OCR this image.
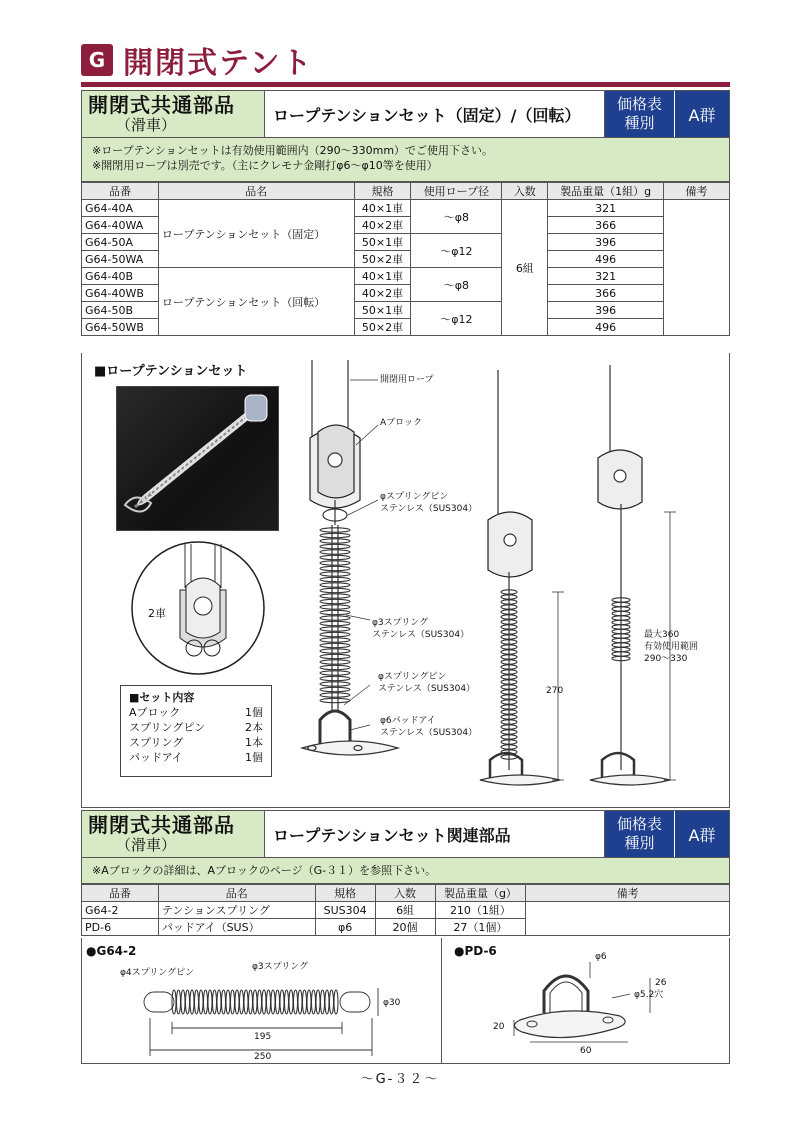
G 開閉式テント
開閉式共通部品
（滑車）
ロープテンションセット（固定）/（回転）
価格表
種別	A群
※ロープテンションセットは有効使用範囲内（290～330mm）でご使用下さい。
※開閉用ロープは別売です。（主にクレモナ金剛打φ6～φ10等を使用）
品番	品名	規格	使用ロープ径	入数	製品重量（1組）g	備考
G64-40A	ロープテンションセット（固定）	40×1車	～φ8	6組	321	
G64-40WA		40×2車			366	
G64-50A		50×1車	～φ12		396	
G64-50WA		50×2車			496	
G64-40B	ロープテンションセット（回転）	40×1車	～φ8		321	
G64-40WB		40×2車			366	
G64-50B		50×1車	～φ12		396	
G64-50WB		50×2車			496	
■ロープテンションセット
2車
■セット内容
Aブロック	1個
スプリングピン	2本
スプリング	1本
パッドアイ	1個
開閉用ロープ
Aブロック
φスプリングピン
ステンレス（SUS304）
φ3スプリング
ステンレス（SUS304）
φスプリングピン
ステンレス（SUS304）
φ6パッドアイ
ステンレス（SUS304）
270
最大360
有効使用範囲
290～330
開閉式共通部品
（滑車）
ロープテンションセット関連部品
価格表
種別	A群
※Aブロックの詳細は、Aブロックのページ（G-３１）を参照下さい。
品番	品名	規格	入数	製品重量（g）	備考
G64-2	テンションスプリング	SUS304	6組	210（1組）	
PD-6	パッドアイ（SUS）	φ6	20個	27（1個）	
●G64-2
φ4スプリングピン
φ3スプリング
φ30
195
250
●PD-6	φ6
φ5.2穴
26
20
60
～G-３２～
